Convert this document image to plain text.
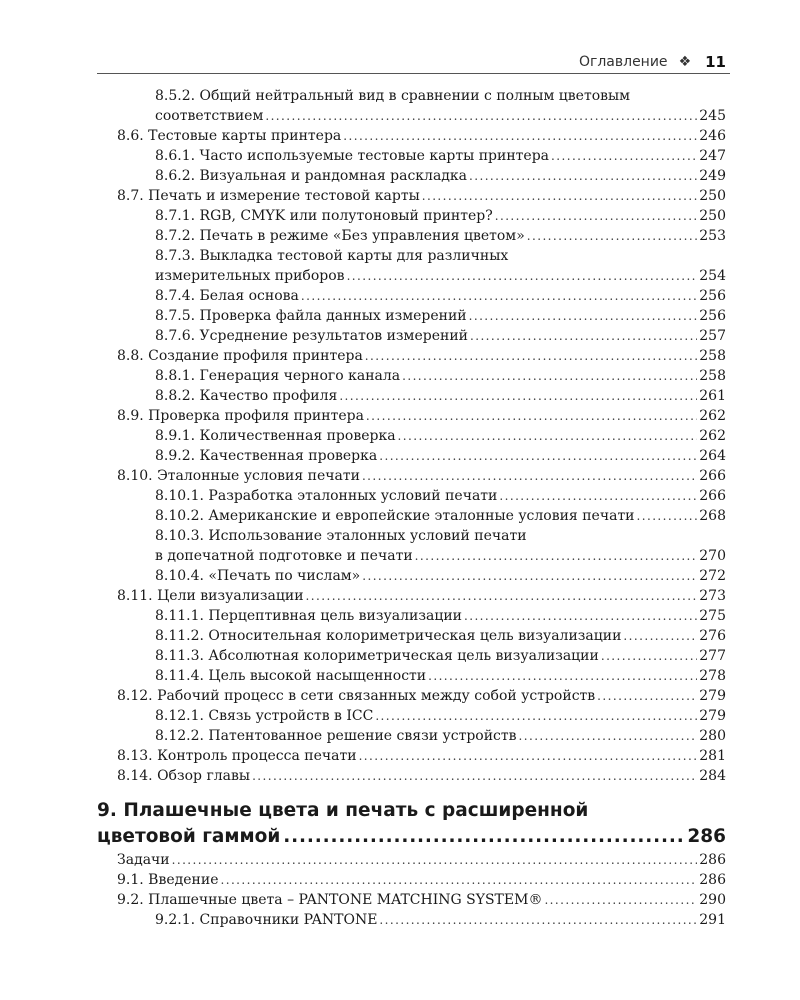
Оглавление ❖ 11
8.5.2. Общий нейтральный вид в сравнении с полным цветовым
соответствием . . .	245
8.6. Тестовые карты принтера . . .	246
8.6.1. Часто используемые тестовые карты принтера . . .	247
8.6.2. Визуальная и рандомная раскладка . . .	249
8.7. Печать и измерение тестовой карты . . .	250
8.7.1. RGB, CMYK или полутоновый принтер? . . .	250
8.7.2. Печать в режиме «Без управления цветом» . . .	253
8.7.3. Выкладка тестовой карты для различных
измерительных приборов . . .	254
8.7.4. Белая основа . . .	256
8.7.5. Проверка файла данных измерений . . .	256
8.7.6. Усреднение результатов измерений . . .	257
8.8. Создание профиля принтера . . .	258
8.8.1. Генерация черного канала . . .	258
8.8.2. Качество профиля . . .	261
8.9. Проверка профиля принтера . . .	262
8.9.1. Количественная проверка . . .	262
8.9.2. Качественная проверка . . .	264
8.10. Эталонные условия печати . . .	266
8.10.1. Разработка эталонных условий печати . . .	266
8.10.2. Американские и европейские эталонные условия печати . . .	268
8.10.3. Использование эталонных условий печати
в допечатной подготовке и печати . . .	270
8.10.4. «Печать по числам» . . .	272
8.11. Цели визуализации . . .	273
8.11.1. Перцептивная цель визуализации . . .	275
8.11.2. Относительная колориметрическая цель визуализации . . .	276
8.11.3. Абсолютная колориметрическая цель визуализации . . .	277
8.11.4. Цель высокой насыщенности . . .	278
8.12. Рабочий процесс в сети связанных между собой устройств . . .	279
8.12.1. Связь устройств в ICC . . .	279
8.12.2. Патентованное решение связи устройств . . .	280
8.13. Контроль процесса печати . . .	281
8.14. Обзор главы . . .	284
9. Плашечные цвета и печать с расширенной
цветовой гаммой . . .	286
Задачи . . .	286
9.1. Введение . . .	286
9.2. Плашечные цвета – PANTONE MATCHING SYSTEM® . . .	290
9.2.1. Справочники PANTONE . . .	291
